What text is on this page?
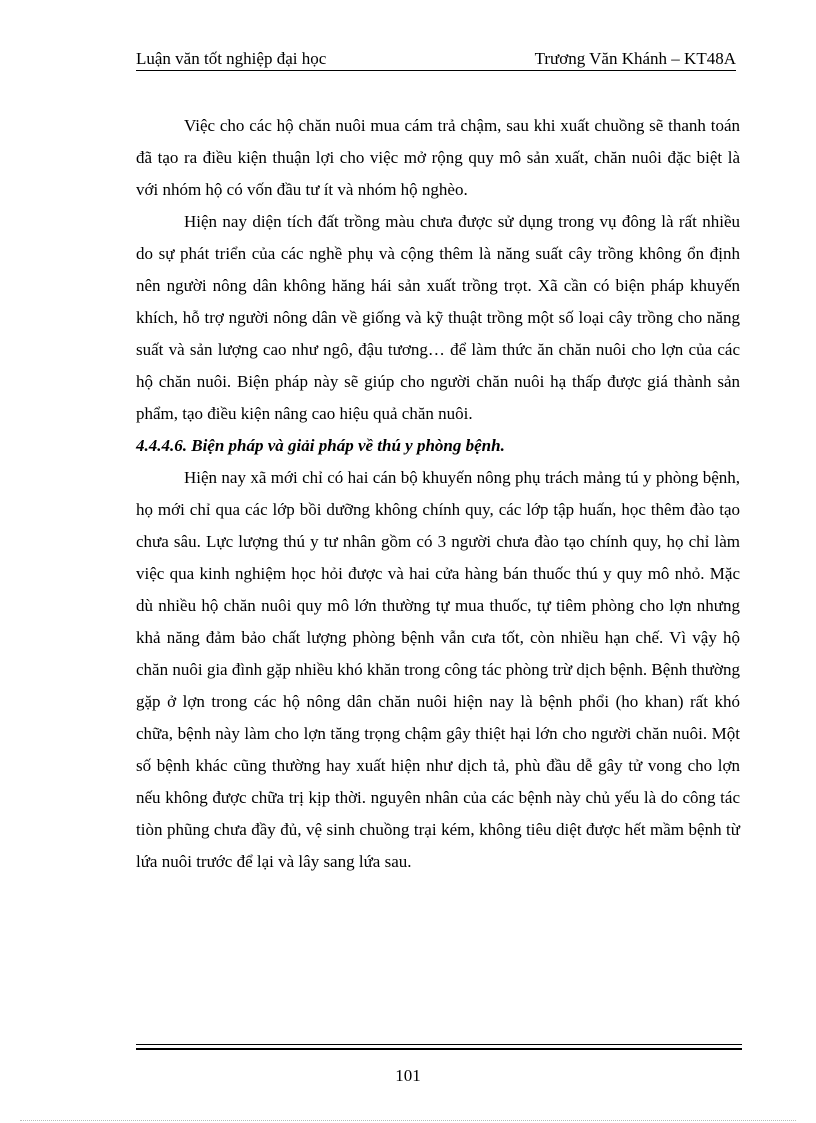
Luận văn tốt nghiệp đại học	Trương Văn Khánh – KT48A

Việc cho các hộ chăn nuôi mua cám trả chậm, sau khi xuất chuồng sẽ thanh toán đã tạo ra điều kiện thuận lợi cho việc mở rộng quy mô sản xuất, chăn nuôi đặc biệt là với nhóm hộ có vốn đầu tư ít và nhóm hộ nghèo.

Hiện nay diện tích đất trồng màu chưa được sử dụng trong vụ đông là rất nhiều do sự phát triển của các nghề phụ và cộng thêm là năng suất cây trồng không ổn định nên người nông dân không hăng hái sản xuất trồng trọt. Xã cần có biện pháp khuyến khích, hỗ trợ người nông dân về giống và kỹ thuật trồng một số loại cây trồng cho năng suất và sản lượng cao như ngô, đậu tương… để làm thức ăn chăn nuôi cho lợn của các hộ chăn nuôi. Biện pháp này sẽ giúp cho người chăn nuôi hạ thấp được giá thành sản phẩm, tạo điều kiện nâng cao hiệu quả chăn nuôi.

4.4.4.6. Biện pháp và giải pháp về thú y phòng bệnh.

Hiện nay xã mới chỉ có hai cán bộ khuyến nông phụ trách mảng tú y phòng bệnh, họ mới chỉ qua các lớp bồi dưỡng không chính quy, các lớp tập huấn, học thêm đào tạo chưa sâu. Lực lượng thú y tư nhân gồm có 3 người chưa đào tạo chính quy, họ chỉ làm việc qua kinh nghiệm học hỏi được và hai cửa hàng bán thuốc thú y quy mô nhỏ. Mặc dù nhiều hộ chăn nuôi quy mô lớn thường tự mua thuốc, tự tiêm phòng cho lợn nhưng khả năng đảm bảo chất lượng phòng bệnh vẫn cưa tốt, còn nhiều hạn chế. Vì vậy hộ chăn nuôi gia đình gặp nhiều khó khăn trong công tác phòng trừ dịch bệnh. Bệnh thường gặp ở lợn trong các hộ nông dân chăn nuôi hiện nay là bệnh phổi (ho khan) rất khó chữa, bệnh này làm cho lợn tăng trọng chậm gây thiệt hại lớn cho người chăn nuôi. Một số bệnh khác cũng thường hay xuất hiện như dịch tả, phù đầu dễ gây tử vong cho lợn nếu không được chữa trị kịp thời. nguyên nhân của các bệnh này chủ yếu là do công tác tiòn phũng chưa đầy đủ, vệ sinh chuồng trại kém, không tiêu diệt được hết mầm bệnh từ lứa nuôi trước để lại và lây sang lứa sau.

101
